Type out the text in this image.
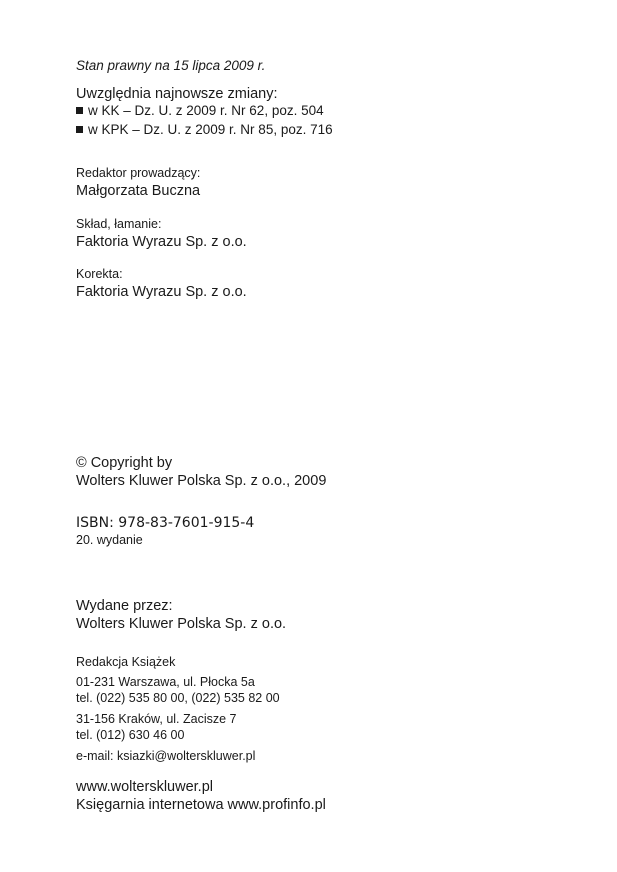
Stan prawny na 15 lipca 2009 r.
Uwzględnia najnowsze zmiany:
w KK – Dz. U. z 2009 r. Nr 62, poz. 504
w KPK – Dz. U. z 2009 r. Nr 85, poz. 716
Redaktor prowadzący:
Małgorzata Buczna
Skład, łamanie:
Faktoria Wyrazu Sp. z o.o.
Korekta:
Faktoria Wyrazu Sp. z o.o.
© Copyright by
Wolters Kluwer Polska Sp. z o.o., 2009
ISBN: 978-83-7601-915-4
20. wydanie
Wydane przez:
Wolters Kluwer Polska Sp. z o.o.
Redakcja Książek
01-231 Warszawa, ul. Płocka 5a
tel. (022) 535 80 00, (022) 535 82 00
31-156 Kraków, ul. Zacisze 7
tel. (012) 630 46 00
e-mail: ksiazki@wolterskluwer.pl
www.wolterskluwer.pl
Księgarnia internetowa www.profinfo.pl
